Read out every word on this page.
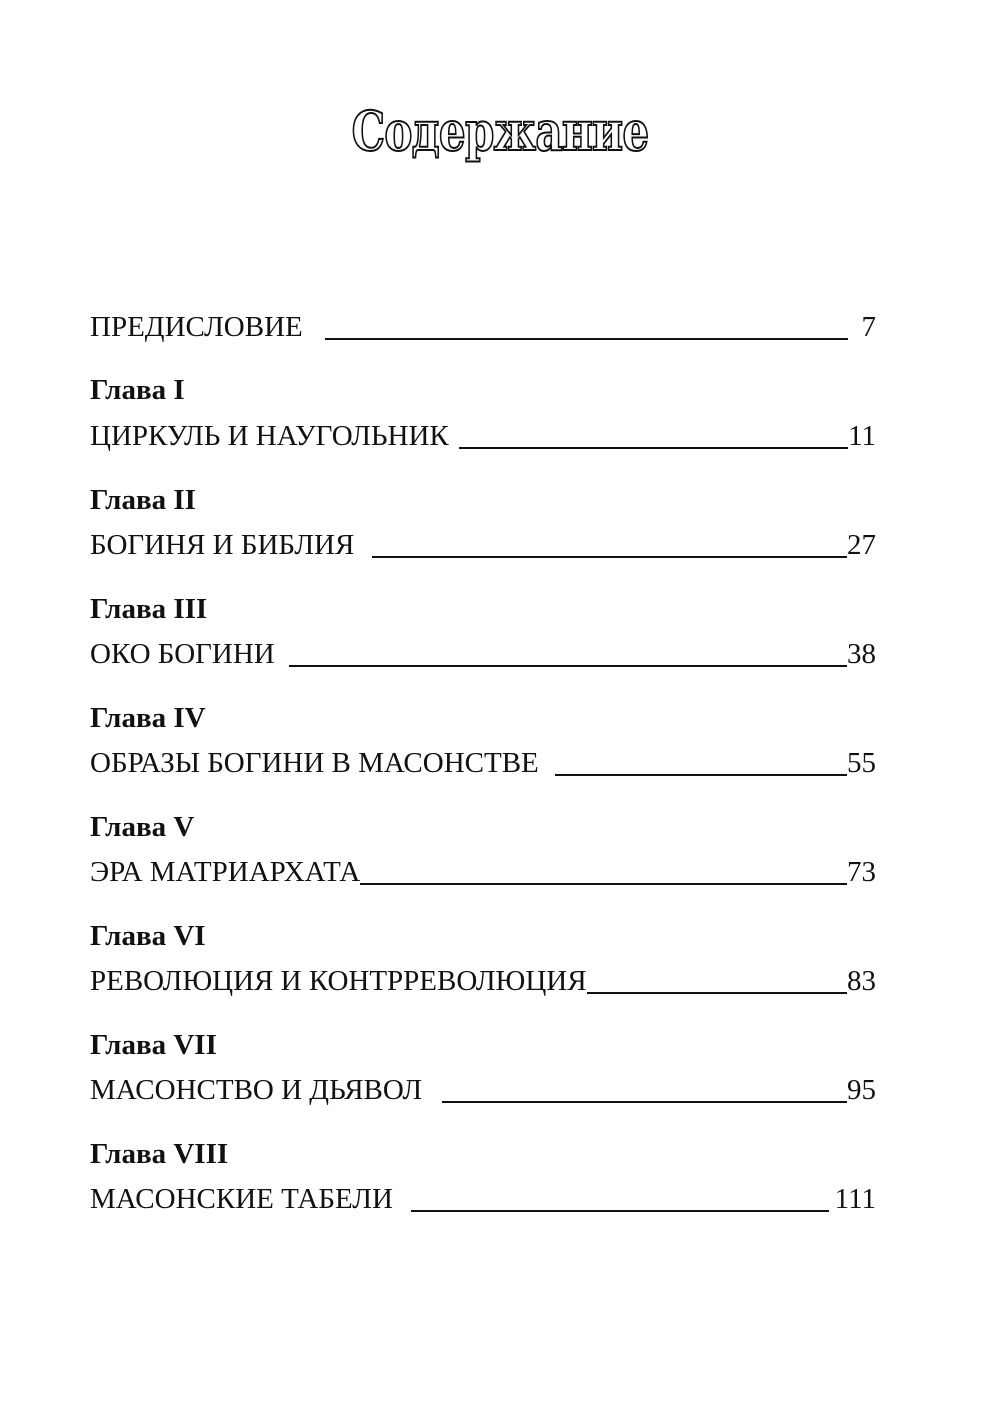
Содержание
ПРЕДИСЛОВИЕ	7
Глава I
ЦИРКУЛЬ И НАУГОЛЬНИК	11
Глава II
БОГИНЯ И БИБЛИЯ	27
Глава III
ОКО БОГИНИ	38
Глава IV
ОБРАЗЫ БОГИНИ В МАСОНСТВЕ	55
Глава V
ЭРА МАТРИАРХАТА	73
Глава VI
РЕВОЛЮЦИЯ И КОНТРРЕВОЛЮЦИЯ	83
Глава VII
МАСОНСТВО И ДЬЯВОЛ	95
Глава VIII
МАСОНСКИЕ ТАБЕЛИ	111
